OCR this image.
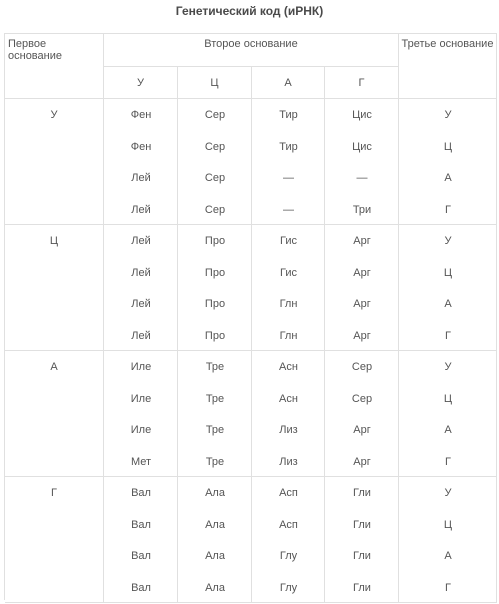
Генетический код (иРНК)
Первое основание
Второе основание	Третье основание
У	Ц	А	Г
У	Фен	Сер	Тир	Цис	У
Фен	Сер	Тир	Цис	Ц
Лей	Сер	—	—	А
Лей	Сер	—	Три	Г
Ц	Лей	Про	Гис	Арг	У
Лей	Про	Гис	Арг	Ц
Лей	Про	Глн	Арг	А
Лей	Про	Глн	Арг	Г
А	Иле	Тре	Асн	Сер	У
Иле	Тре	Асн	Сер	Ц
Иле	Тре	Лиз	Арг	А
Мет	Тре	Лиз	Арг	Г
Г	Вал	Ала	Асп	Гли	У
Вал	Ала	Асп	Гли	Ц
Вал	Ала	Глу	Гли	А
Вал	Ала	Глу	Гли	Г
